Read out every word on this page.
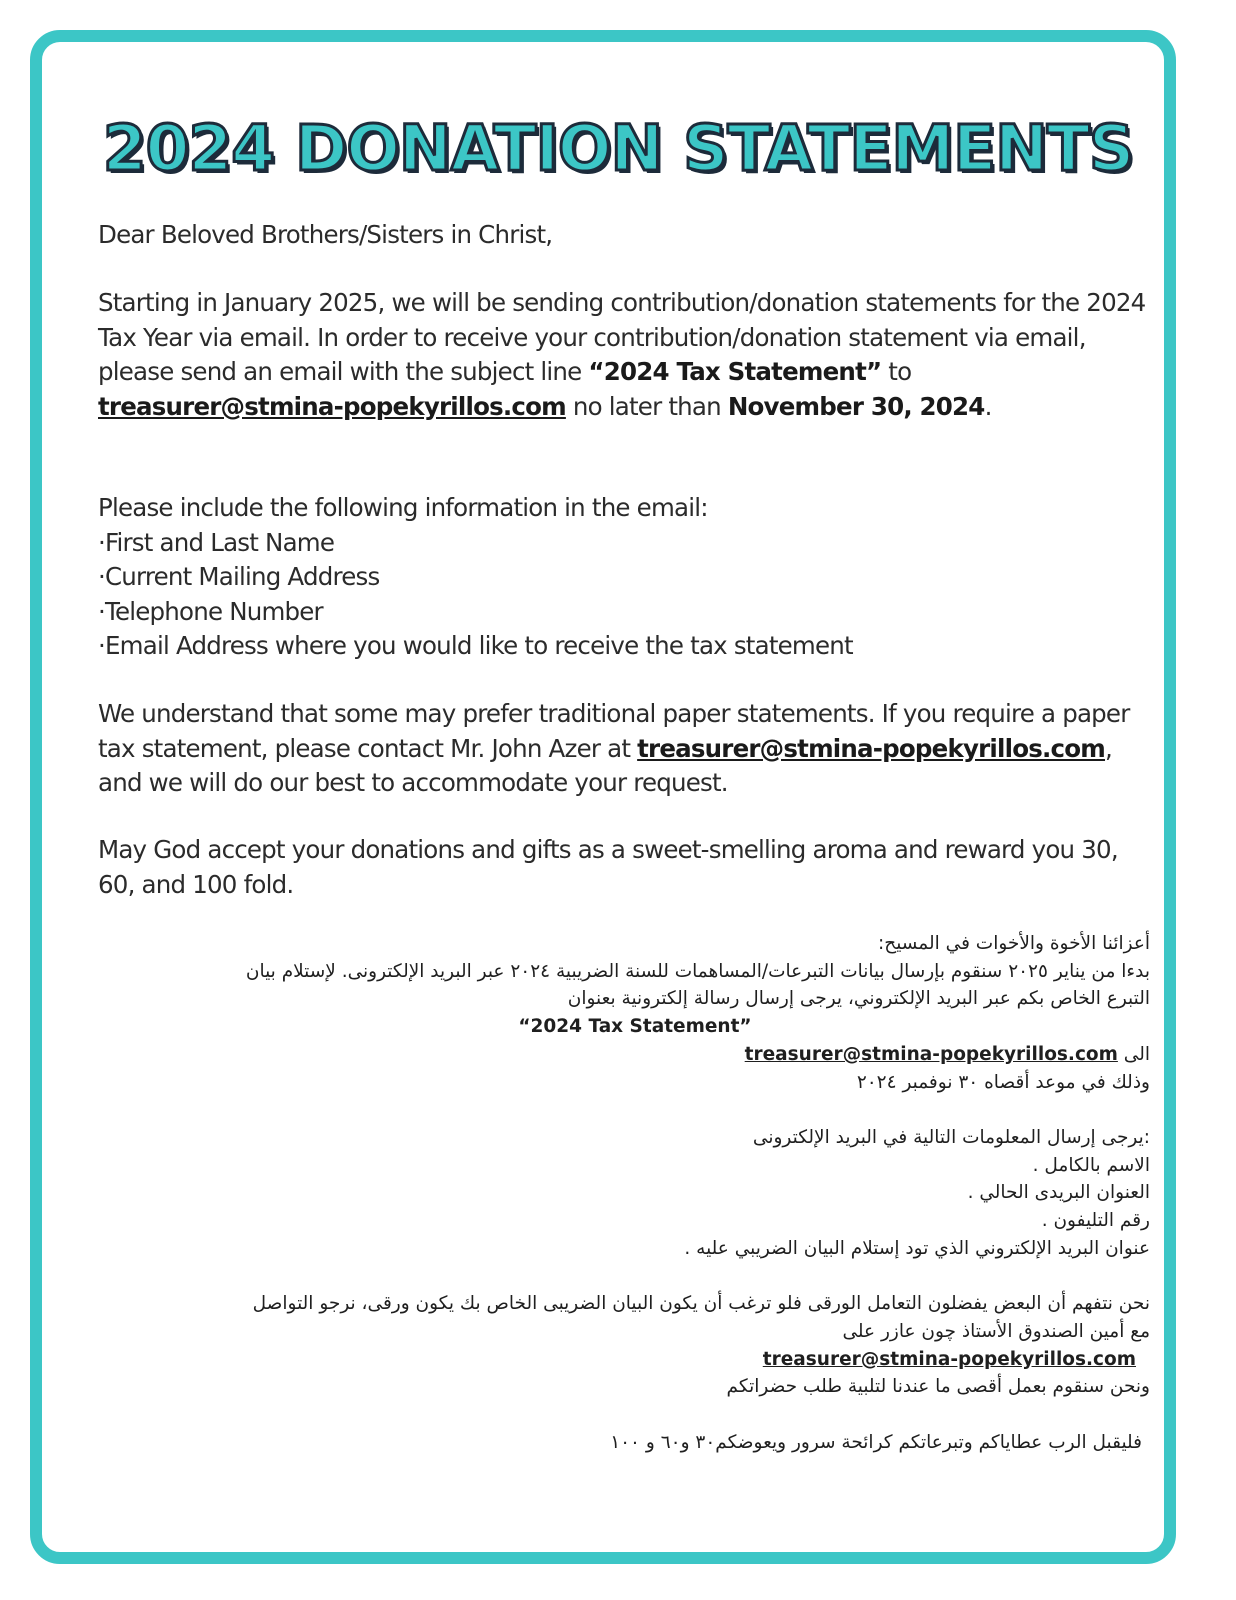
2024 DONATION STATEMENTS

Dear Beloved Brothers/Sisters in Christ,

Starting in January 2025, we will be sending contribution/donation statements for the 2024 Tax Year via email. In order to receive your contribution/donation statement via email, please send an email with the subject line “2024 Tax Statement” to treasurer@stmina-popekyrillos.com no later than November 30, 2024.

Please include the following information in the email:

·First and Last Name

·Current Mailing Address

·Telephone Number

·Email Address where you would like to receive the tax statement

We understand that some may prefer traditional paper statements. If you require a paper tax statement, please contact Mr. John Azer at treasurer@stmina-popekyrillos.com, and we will do our best to accommodate your request.

May God accept your donations and gifts as a sweet-smelling aroma and reward you 30, 60, and 100 fold.

أعزائنا الأخوة والأخوات في المسيح:

بدءا من يناير ٢٠٢٥ سنقوم بإرسال بيانات التبرعات/المساهمات للسنة الضريبية ٢٠٢٤ عبر البريد الإلكترونى. لإستلام بيان

التبرع الخاص بكم عبر البريد الإلكتروني، يرجى إرسال رسالة إلكترونية بعنوان

“2024 Tax Statement”

الى treasurer@stmina-popekyrillos.com

وذلك في موعد أقصاه ٣٠ نوفمبر ٢٠٢٤

:يرجى إرسال المعلومات التالية في البريد الإلكترونى

الاسم بالكامل .

العنوان البريدى الحالي .

رقم التليفون .

عنوان البريد الإلكتروني الذي تود إستلام البيان الضريبي عليه .

نحن نتفهم أن البعض يفضلون التعامل الورقى فلو ترغب أن يكون البيان الضريبى الخاص بك يكون ورقى، نرجو التواصل

مع أمين الصندوق الأستاذ چون عازر على

treasurer@stmina-popekyrillos.com

ونحن سنقوم بعمل أقصى ما عندنا لتلبية طلب حضراتكم

فليقبل الرب عطاياكم وتبرعاتكم كرائحة سرور ويعوضكم٣٠ و٦٠ و ١٠٠
